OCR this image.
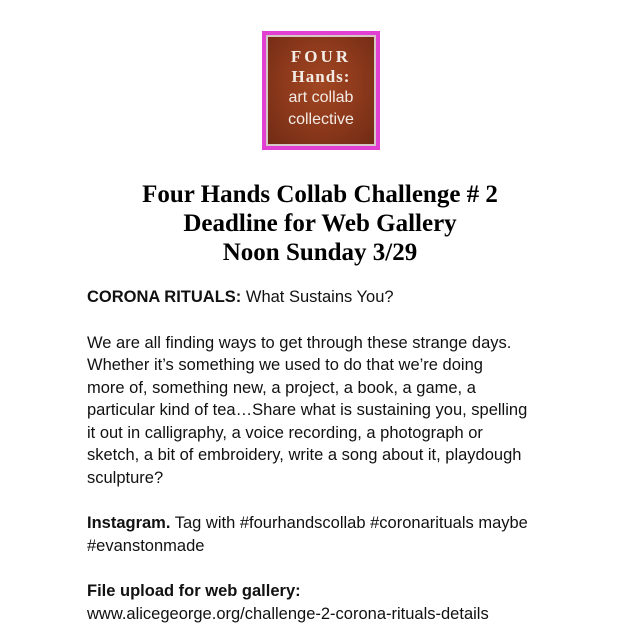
FOUR
Hands:
art collab
collective
Four Hands Collab Challenge # 2
Deadline for Web Gallery
Noon Sunday 3/29

CORONA RITUALS: What Sustains You?

We are all finding ways to get through these strange days.
Whether it’s something we used to do that we’re doing
more of, something new, a project, a book, a game, a
particular kind of tea…Share what is sustaining you, spelling
it out in calligraphy, a voice recording, a photograph or
sketch, a bit of embroidery, write a song about it, playdough
sculpture?

Instagram. Tag with #fourhandscollab #coronarituals maybe
#evanstonmade

File upload for web gallery:
www.alicegeorge.org/challenge-2-corona-rituals-details
